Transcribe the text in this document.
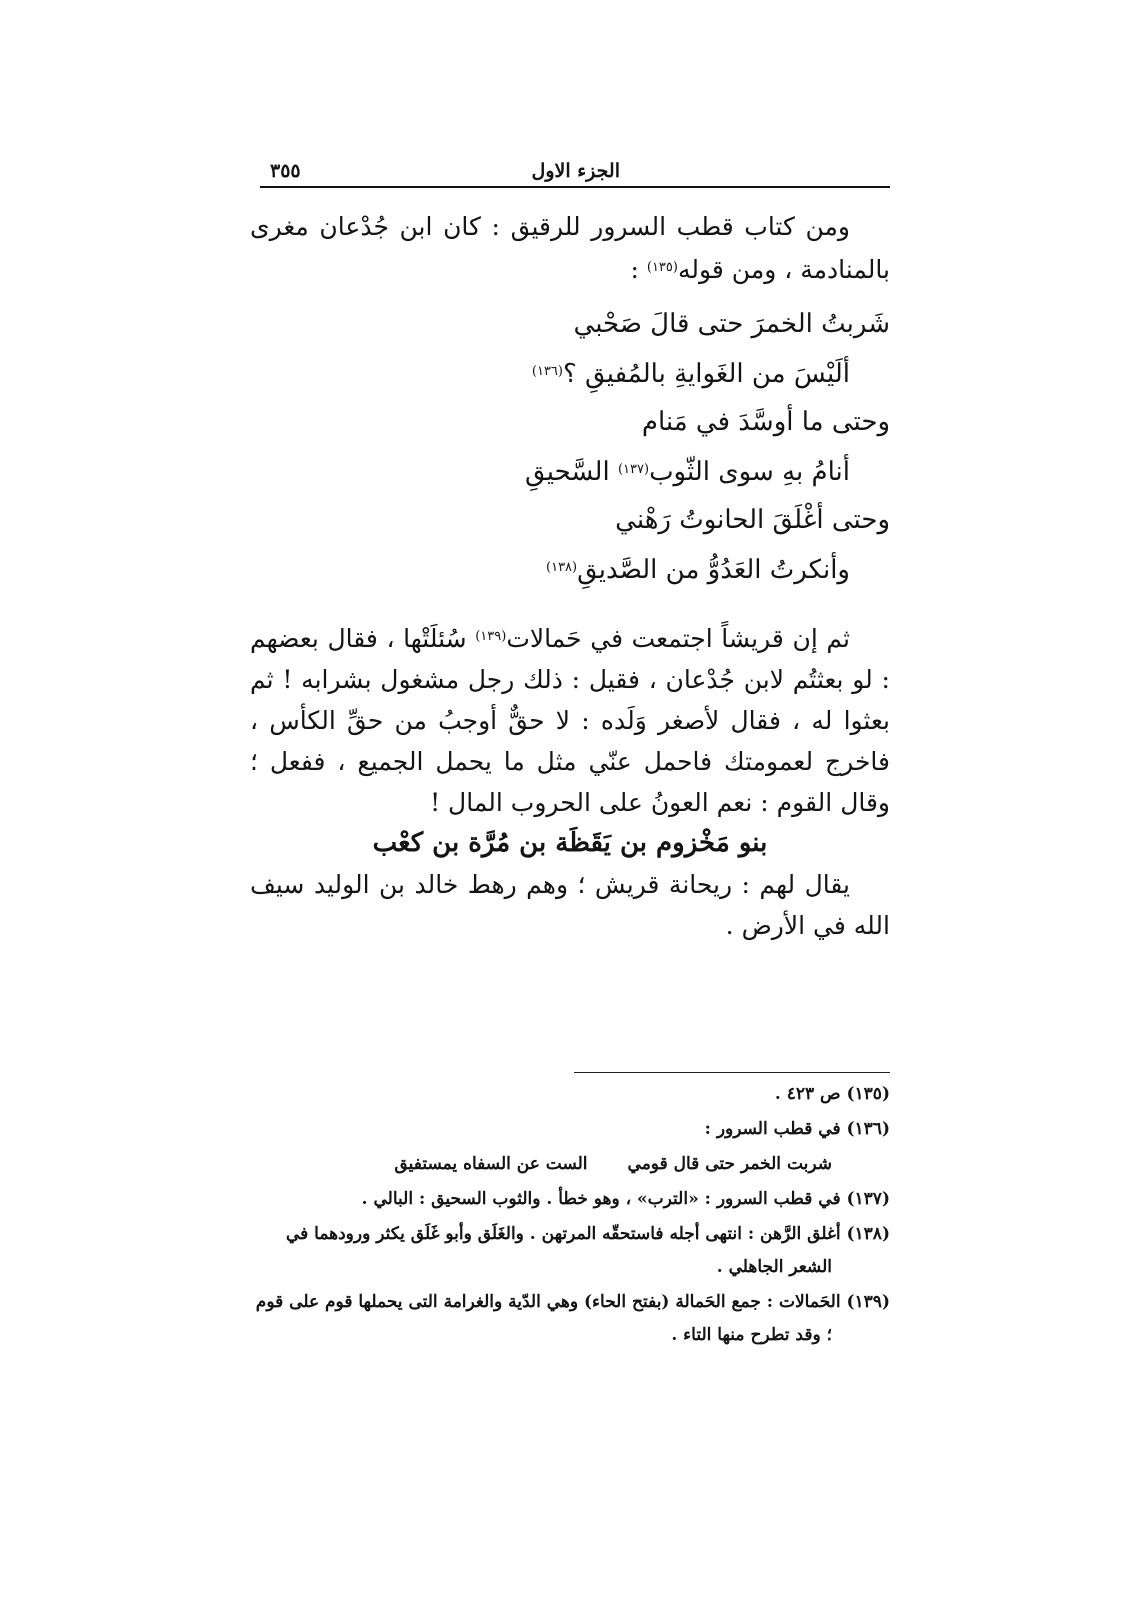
الجزء الاول
٣٥٥

ومن كتاب قطب السرور للرقيق : كان ابن جُدْعان مغرى بالمنادمة ، ومن قوله$^{(١٣٥)}$ :

شَربتُ الخمرَ حتى قالَ صَحْبي
ألَيْسَ من الغَوايةِ بالمُفيقِ ؟$^{(١٣٦)}$
وحتى ما أوسَّدَ في مَنام
أنامُ بهِ سوى الثّوب$^{(١٣٧)}$ السَّحيقِ
وحتى أغْلَقَ الحانوتُ رَهْني
وأنكرتُ العَدُوُّ من الصَّديقِ$^{(١٣٨)}$

ثم إن قريشاً اجتمعت في حَمالات$^{(١٣٩)}$ سُئلَتْها ، فقال بعضهم : لو بعثتُم لابن جُدْعان ، فقيل : ذلك رجل مشغول بشرابه ! ثم بعثوا له ، فقال لأصغر وَلَده : لا حقٌّ أوجبُ من حقِّ الكأس ، فاخرج لعمومتك فاحمل عنّي مثل ما يحمل الجميع ، ففعل ؛ وقال القوم : نعم العونُ على الحروب المال !

بنو مَخْزوم بن يَقَظَة بن مُرَّة بن كعْب

يقال لهم : ريحانة قريش ؛ وهم رهط خالد بن الوليد سيف الله في الأرض .

(١٣٥) ص ٤٢٣ .

(١٣٦) في قطب السرور :

شربت الخمر حتى قال قومي
الست عن السفاه يمستفيق

(١٣٧) في قطب السرور : «الترب» ، وهو خطأ . والثوب السحيق : البالي .

(١٣٨) أغلق الرَّهن : انتهى أجله فاستحقّه المرتهن . والغَلَق وأبو غَلَق يكثر ورودهما في الشعر الجاهلي .

(١٣٩) الحَمالات : جمع الحَمالة (بفتح الحاء) وهي الدّية والغرامة التى يحملها قوم على قوم ؛ وقد تطرح منها التاء .
